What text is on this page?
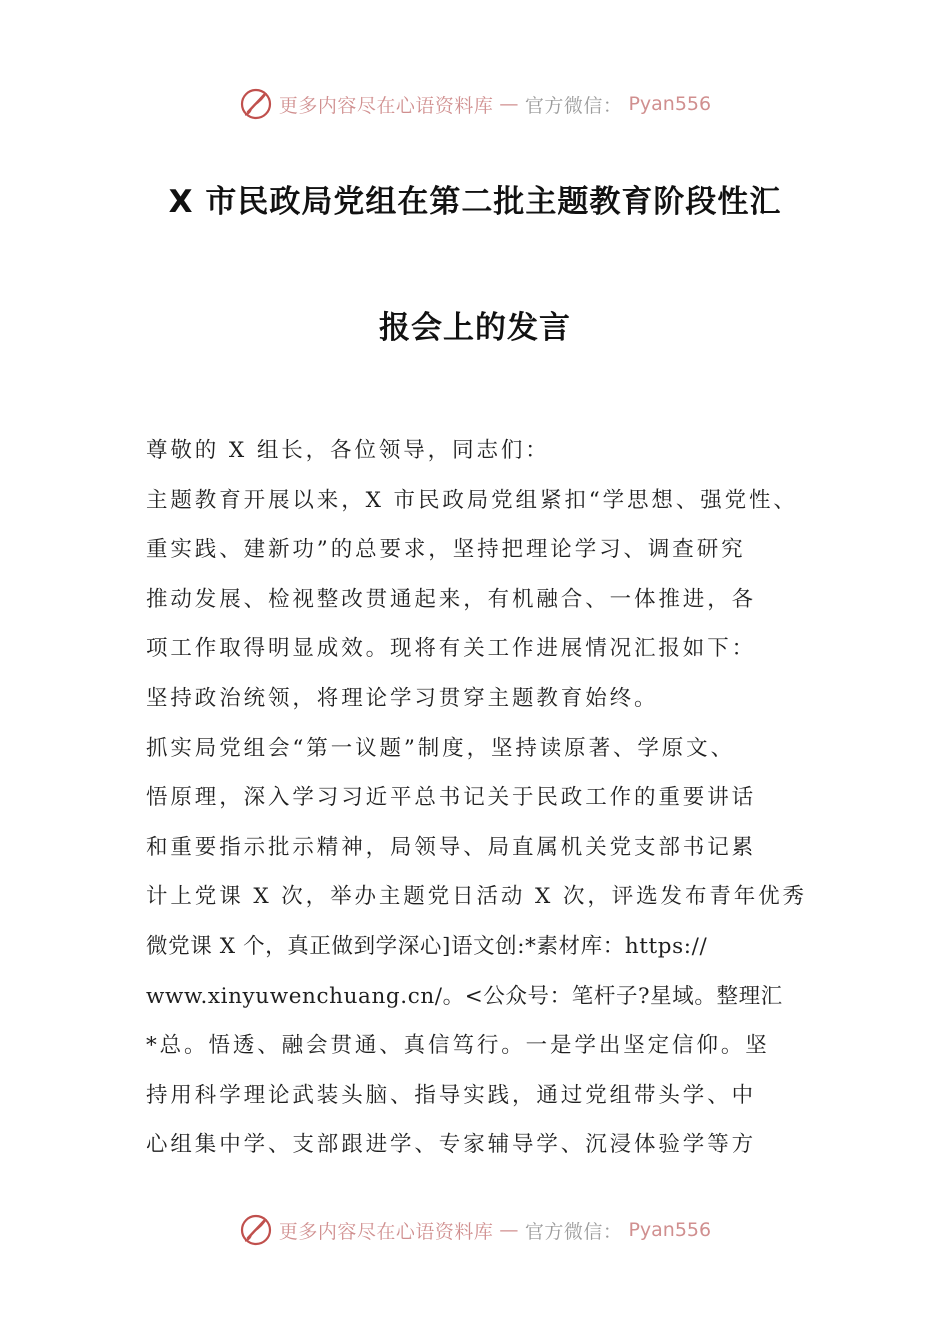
更多内容尽在心语资料库 — 官方微信： Pyan556
X 市民政局党组在第二批主题教育阶段性汇
报会上的发言
尊敬的 X 组长，各位领导，同志们：
主题教育开展以来，X 市民政局党组紧扣“学思想、强党性、
重实践、建新功”的总要求，坚持把理论学习、调查研究
推动发展、检视整改贯通起来，有机融合、一体推进，各
项工作取得明显成效。现将有关工作进展情况汇报如下：
坚持政治统领，将理论学习贯穿主题教育始终。
抓实局党组会“第一议题”制度，坚持读原著、学原文、
悟原理，深入学习习近平总书记关于民政工作的重要讲话
和重要指示批示精神，局领导、局直属机关党支部书记累
计上党课 X 次，举办主题党日活动 X 次，评选发布青年优秀
微党课 X 个，真正做到学深心]语文创:*素材库：https://
www.xinyuwenchuang.cn/。<公众号：笔杆子?星域。整理汇
*总。悟透、融会贯通、真信笃行。一是学出坚定信仰。坚
持用科学理论武装头脑、指导实践，通过党组带头学、中
心组集中学、支部跟进学、专家辅导学、沉浸体验学等方
更多内容尽在心语资料库 — 官方微信： Pyan556
